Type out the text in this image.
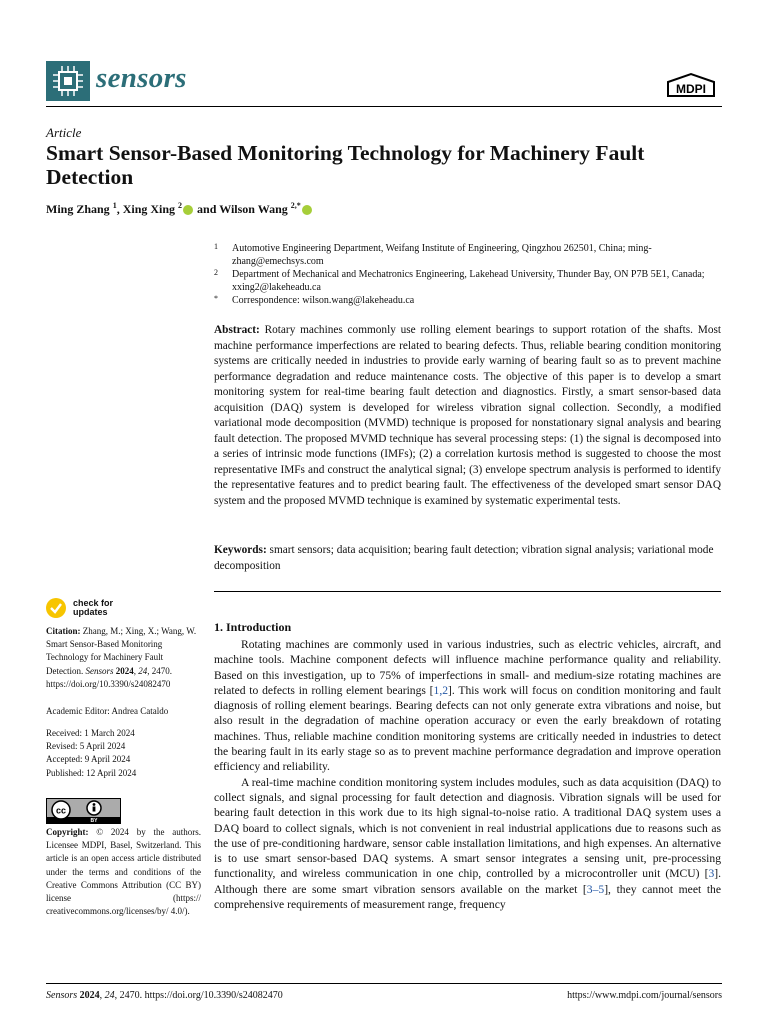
sensors	MDPI
Article
Smart Sensor-Based Monitoring Technology for Machinery Fault Detection
Ming Zhang $^1$, Xing Xing $^2$ and Wilson Wang $^{2,*}$
1 Automotive Engineering Department, Weifang Institute of Engineering, Qingzhou 262501, China; ming-zhang@emechsys.com
2 Department of Mechanical and Mechatronics Engineering, Lakehead University, Thunder Bay, ON P7B 5E1, Canada; xxing2@lakeheadu.ca
* Correspondence: wilson.wang@lakeheadu.ca
Abstract: Rotary machines commonly use rolling element bearings to support rotation of the shafts. Most machine performance imperfections are related to bearing defects. Thus, reliable bearing condition monitoring systems are critically needed in industries to provide early warning of bearing fault so as to prevent machine performance degradation and reduce maintenance costs. The objective of this paper is to develop a smart monitoring system for real-time bearing fault detection and diagnostics. Firstly, a smart sensor-based data acquisition (DAQ) system is developed for wireless vibration signal collection. Secondly, a modified variational mode decomposition (MVMD) technique is proposed for nonstationary signal analysis and bearing fault detection. The proposed MVMD technique has several processing steps: (1) the signal is decomposed into a series of intrinsic mode functions (IMFs); (2) a correlation kurtosis method is suggested to choose the most representative IMFs and construct the analytical signal; (3) envelope spectrum analysis is performed to identify the representative features and to predict bearing fault. The effectiveness of the developed smart sensor DAQ system and the proposed MVMD technique is examined by systematic experimental tests.
Keywords: smart sensors; data acquisition; bearing fault detection; vibration signal analysis; variational mode decomposition
check for
updates
Citation: Zhang, M.; Xing, X.; Wang, W. Smart Sensor-Based Monitoring Technology for Machinery Fault Detection. Sensors 2024, 24, 2470. https://doi.org/10.3390/s24082470
Academic Editor: Andrea Cataldo
Received: 1 March 2024
Revised: 5 April 2024
Accepted: 9 April 2024
Published: 12 April 2024
cc
BY
Copyright: © 2024 by the authors. Licensee MDPI, Basel, Switzerland. This article is an open access article distributed under the terms and conditions of the Creative Commons Attribution (CC BY) license (https:// creativecommons.org/licenses/by/ 4.0/).
1. Introduction

Rotating machines are commonly used in various industries, such as electric vehicles, aircraft, and machine tools. Machine component defects will influence machine performance quality and reliability. Based on this investigation, up to 75% of imperfections in small- and medium-size rotating machines are related to defects in rolling element bearings [1,2]. This work will focus on condition monitoring and fault diagnosis of rolling element bearings. Bearing defects can not only generate extra vibrations and noise, but also result in the degradation of machine operation accuracy or even the early breakdown of rotating machines. Thus, reliable machine condition monitoring systems are critically needed in industries to detect the bearing fault in its early stage so as to prevent machine performance degradation and improve operation efficiency and reliability.

A real-time machine condition monitoring system includes modules, such as data acquisition (DAQ) to collect signals, and signal processing for fault detection and diagnosis. Vibration signals will be used for bearing fault detection in this work due to its high signal-to-noise ratio. A traditional DAQ system uses a DAQ board to collect signals, which is not convenient in real industrial applications due to reasons such as the use of pre-conditioning hardware, sensor cable installation limitations, and high expenses. An alternative is to use smart sensor-based DAQ systems. A smart sensor integrates a sensing unit, pre-processing functionality, and wireless communication in one chip, controlled by a microcontroller unit (MCU) [3]. Although there are some smart vibration sensors available on the market [3–5], they cannot meet the comprehensive requirements of measurement range, frequency

Sensors 2024, 24, 2470. https://doi.org/10.3390/s24082470	https://www.mdpi.com/journal/sensors
